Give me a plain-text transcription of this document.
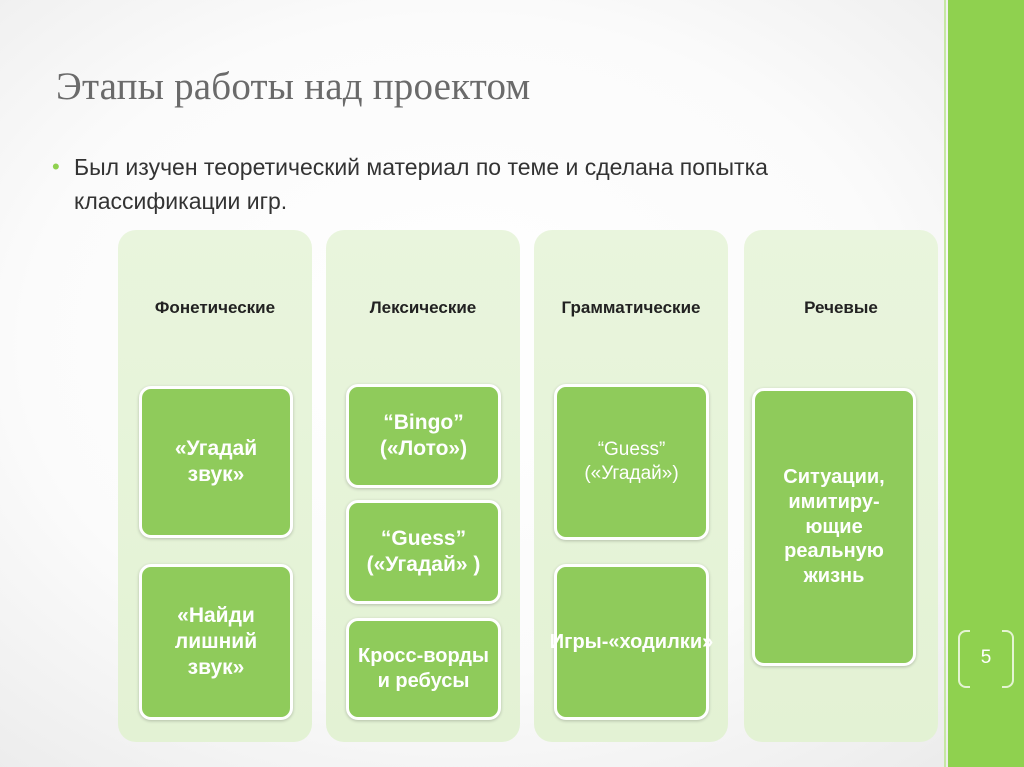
5
Этапы работы над проектом
• Был изучен теоретический материал по теме и сделана попытка классификации игр.
Фонетические
«Угадай звук»
«Найди лишний звук»
Лексические
“Bingo” («Лото»)
“Guess” («Угадай» )
Кросс-ворды и ребусы
Грамматические
“Guess” («Угадай»)
Игры-«ходилки»
Речевые
Ситуации, имитиру-ющие реальную жизнь
